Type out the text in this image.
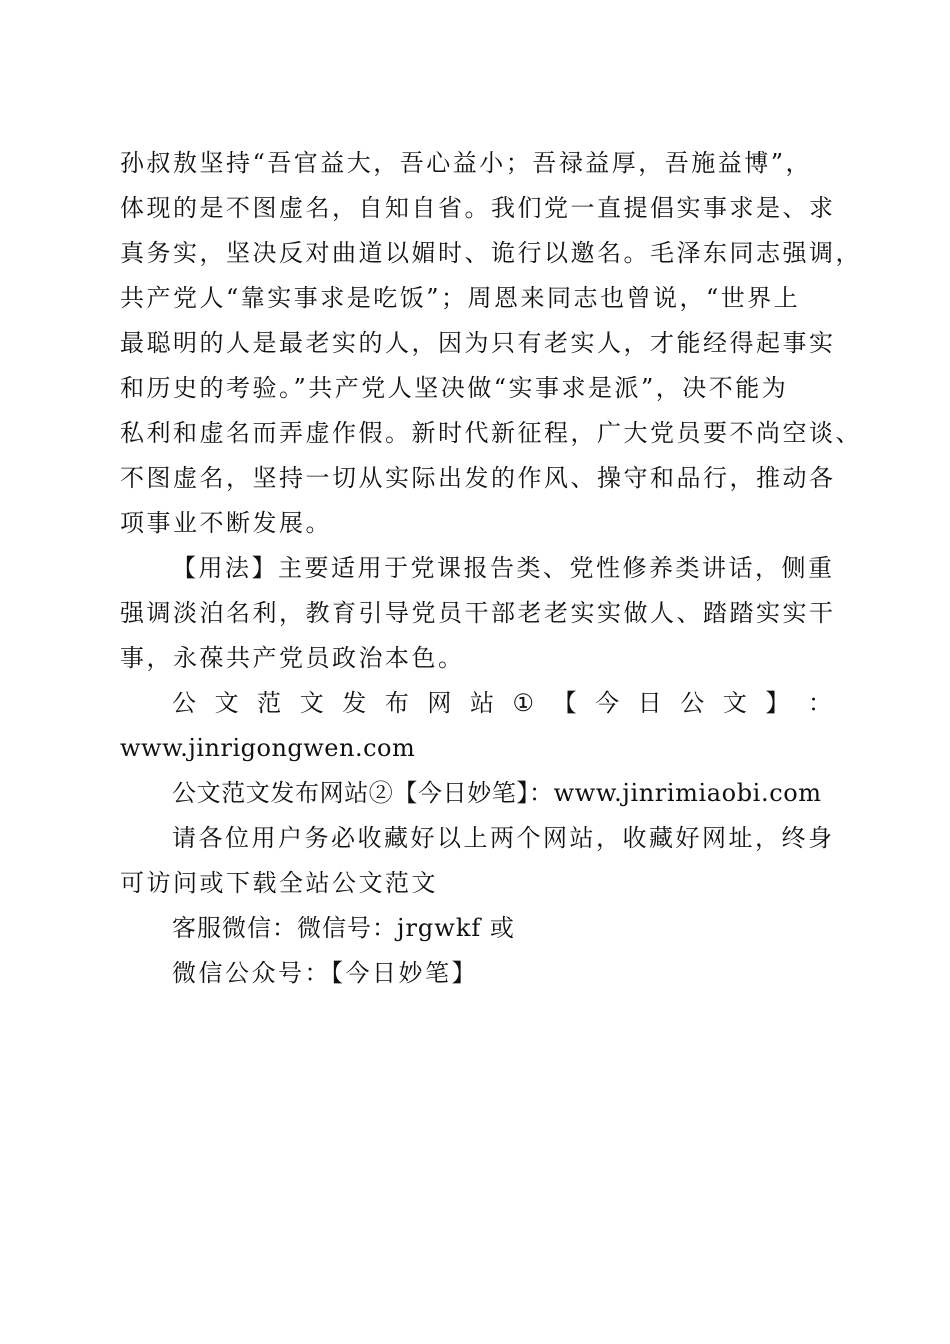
孙叔敖坚持“吾官益大，吾心益小；吾禄益厚，吾施益博”，
体现的是不图虚名，自知自省。我们党一直提倡实事求是、求
真务实，坚决反对曲道以媚时、诡行以邀名。毛泽东同志强调，
共产党人“靠实事求是吃饭”；周恩来同志也曾说，“世界上
最聪明的人是最老实的人，因为只有老实人，才能经得起事实
和历史的考验。”共产党人坚决做“实事求是派”，决不能为
私利和虚名而弄虚作假。新时代新征程，广大党员要不尚空谈、
不图虚名，坚持一切从实际出发的作风、操守和品行，推动各
项事业不断发展。
【用法】主要适用于党课报告类、党性修养类讲话，侧重
强调淡泊名利，教育引导党员干部老老实实做人、踏踏实实干
事，永葆共产党员政治本色。
公 文 范 文 发 布 网 站 ① 【 今 日 公 文 】 ：
www.jinrigongwen.com
公文范文发布网站②【今日妙笔】：www.jinrimiaobi.com
请各位用户务必收藏好以上两个网站，收藏好网址，终身
可访问或下载全站公文范文
客服微信：微信号：jrgwkf 或
微信公众号：【今日妙笔】
